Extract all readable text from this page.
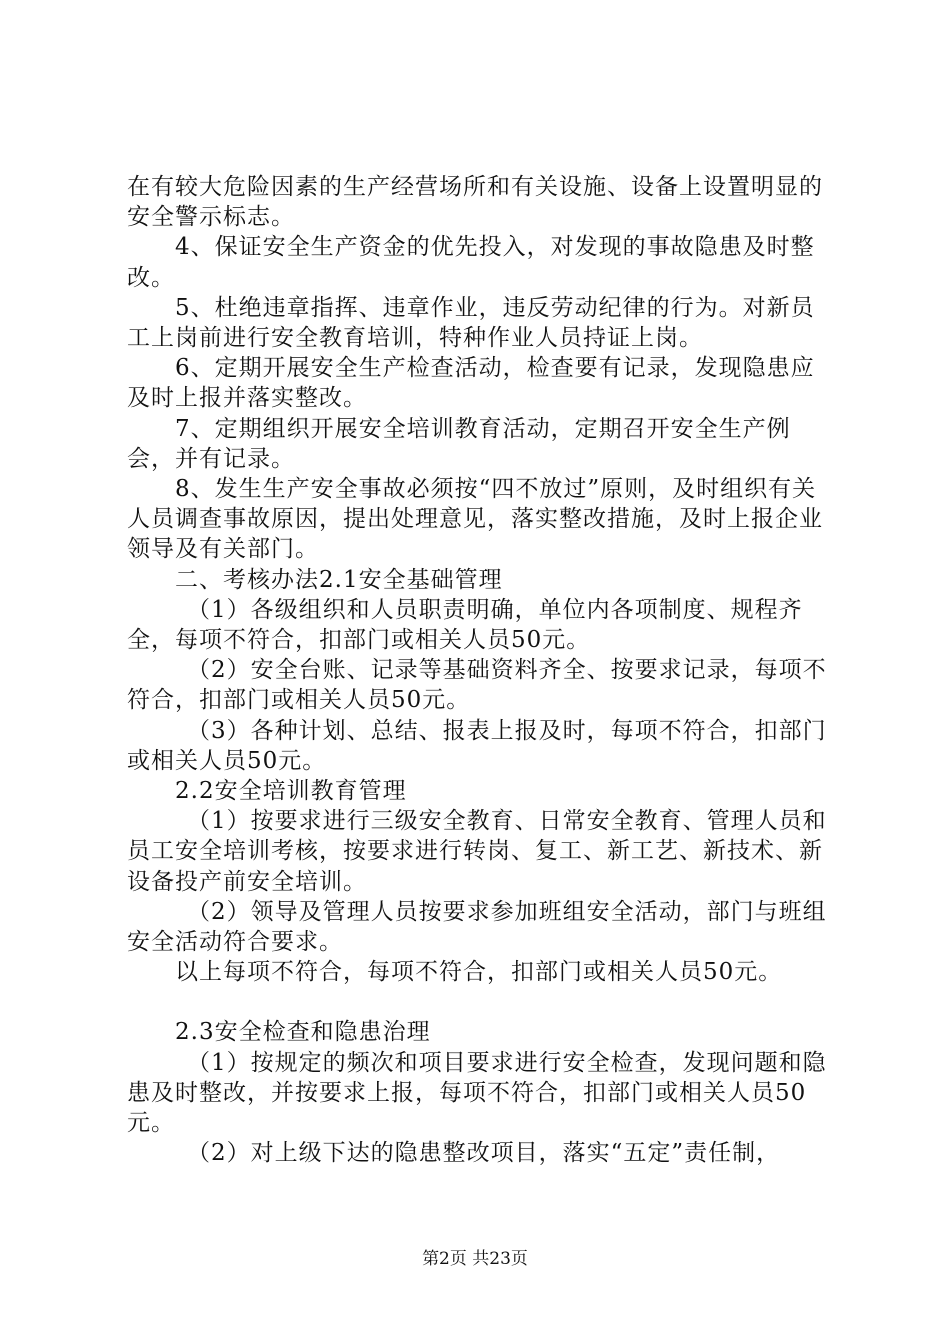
在有较大危险因素的生产经营场所和有关设施、设备上设置明显的安全警示标志。

4、保证安全生产资金的优先投入，对发现的事故隐患及时整改。

5、杜绝违章指挥、违章作业，违反劳动纪律的行为。对新员工上岗前进行安全教育培训，特种作业人员持证上岗。

6、定期开展安全生产检查活动，检查要有记录，发现隐患应及时上报并落实整改。

7、定期组织开展安全培训教育活动，定期召开安全生产例会，并有记录。

8、发生生产安全事故必须按“四不放过”原则，及时组织有关人员调查事故原因，提出处理意见，落实整改措施，及时上报企业领导及有关部门。

二、考核办法2.1安全基础管理

（1）各级组织和人员职责明确，单位内各项制度、规程齐全，每项不符合，扣部门或相关人员50元。

（2）安全台账、记录等基础资料齐全、按要求记录，每项不符合，扣部门或相关人员50元。

（3）各种计划、总结、报表上报及时，每项不符合，扣部门或相关人员50元。

2.2安全培训教育管理

（1）按要求进行三级安全教育、日常安全教育、管理人员和员工安全培训考核，按要求进行转岗、复工、新工艺、新技术、新设备投产前安全培训。

（2）领导及管理人员按要求参加班组安全活动，部门与班组安全活动符合要求。

以上每项不符合，每项不符合，扣部门或相关人员50元。

2.3安全检查和隐患治理

（1）按规定的频次和项目要求进行安全检查，发现问题和隐患及时整改，并按要求上报，每项不符合，扣部门或相关人员50元。

（2）对上级下达的隐患整改项目，落实“五定”责任制，

第2页 共23页
